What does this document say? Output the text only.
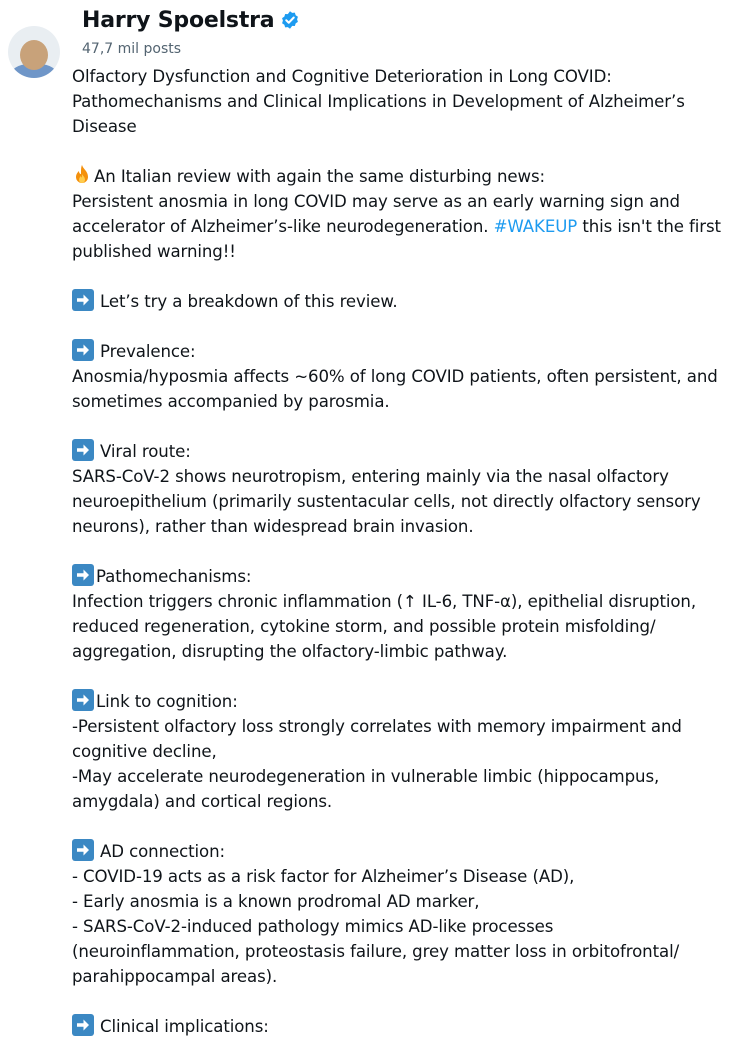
Harry Spoelstra
47,7 mil posts

Olfactory Dysfunction and Cognitive Deterioration in Long COVID:
Pathomechanisms and Clinical Implications in Development of Alzheimer’s
Disease

An Italian review with again the same disturbing news:
Persistent anosmia in long COVID may serve as an early warning sign and
accelerator of Alzheimer’s-like neurodegeneration. #WAKEUP this isn't the first
published warning!!

Let’s try a breakdown of this review.

Prevalence:
Anosmia/hyposmia affects ~60% of long COVID patients, often persistent, and
sometimes accompanied by parosmia.

Viral route:
SARS-CoV-2 shows neurotropism, entering mainly via the nasal olfactory
neuroepithelium (primarily sustentacular cells, not directly olfactory sensory
neurons), rather than widespread brain invasion.

Pathomechanisms:
Infection triggers chronic inflammation (↑ IL-6, TNF-α), epithelial disruption,
reduced regeneration, cytokine storm, and possible protein misfolding/
aggregation, disrupting the olfactory-limbic pathway.

Link to cognition:
-Persistent olfactory loss strongly correlates with memory impairment and
cognitive decline,
-May accelerate neurodegeneration in vulnerable limbic (hippocampus,
amygdala) and cortical regions.

AD connection:
- COVID-19 acts as a risk factor for Alzheimer’s Disease (AD),
- Early anosmia is a known prodromal AD marker,
- SARS-CoV-2-induced pathology mimics AD-like processes
(neuroinflammation, proteostasis failure, grey matter loss in orbitofrontal/
parahippocampal areas).

Clinical implications:
